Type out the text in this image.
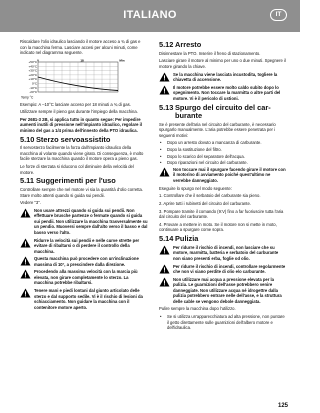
ITALIANO	IT
Riscaldare l'olio idraulico lasciando il motore acceso a ¾ di gas e con la macchina ferma. Lasciare accesi per alcuni minuti, come indicato nel diagramma seguente.
+50°C
+40°C
+30°C
+20°C
+10°C
0°C
-10°C
-20°C
0	18	Min
Temp °C
Esempio: A –10°C lasciare acceso per 18 minuti a ¾ di gas.
Utilizzare sempre il pieno gas durante l'impiego della macchina.
Per 2681-3 2B, si applica tutto in quanto segue: Per impedire aumenti inutili di pressione nell'impianto idraulico, regolare il minimo del gas a 1/4 prima dell'innesto della PTO idraulica.
5.10 Sterzo servoassistito
Il servosterzo facilmente la forza dall'impianto idraulico della macchina al volante quando viene girato. Di conseguenza, è molto facile sterzare la macchina quando il motore opera a pieno gas.
Le forze di sterzata si riducono col diminuire della velocità del motore.
5.11 Suggerimenti per l'uso
Controllare sempre che nel motore vi sia la quantità d'olio corretta. Stare molto attenti quando si guida sui pendii.
Vedere "3".
Non usare attrezzi quando si guida sui pendii. Non effettuare brusche partenze o fermate quando si guida sui pendii. Non utilizzare la macchina trasversalmente su un pendio. Muoversi sempre dall'alto verso il basso e dal basso verso l'alto.
Ridurre la velocità sui pendii e nelle curve strette per evitare di ribaltarsi o di perdere il controllo della macchina.
Questa macchina può procedere con un'inclinazione massima di 10°, a prescindere dalla direzione.
Procedendo alla massima velocità con la marcia più elevata, non girare completamente lo sterzo. La macchina potrebbe ribaltarsi.
Tenere mani e piedi lontani dal giunto articolato delle sterzo e dal supporto sedile. Vi è il rischio di lesioni da schiacciamento. Non guidare la macchina con il contenitore motore aperto.
5.12 Arresto
Disinnestare la PTO. Inserire il freno di stazionamento.
Lasciare girare il motore al minimo per uno o due minuti. Spegnere il motore girando la chiave.
Se la macchina viene lasciata incustodita, togliere la chiavetta di accensione.
Il motore potrebbe essere molto caldo subito dopo lo spegnimento. Non toccare la marmitta o altre parti del motore. Vi è il pericolo di ustioni.
5.13 Spurgo del circuito del car-
burante
Se è presente dell'aria nel circuito del carburante, è necessario spurgarlo manualmente. L'aria potrebbe essere penetrata per i seguenti motivi:
•	Dopo un arresto dovuto a mancanza di carburante.
•	Dopo la sostituzione del filtro.
•	Dopo lo scarico del separatore dell'acqua.
•	Dopo riparazioni nel circuito del carburante.
Non toccare mai il spurgare facendo girare il motore con il motorino di avviamento poiché quest'ultimo ne verrebbe danneggiato.
Eseguire lo spurgo nel modo seguente:
1. Controllare che il serbatoio del carburante sia pieno.
2. Aprire tutti i rubinetti del circuito del carburante.
3. Pompare tramite il comando (9:V) fino a far fuoriuscire tutta l'aria dal circuito del carburante.
4. Provare a mettere in moto. Se il motore non si mette in moto, continuare a spurgare come sopra.
5.14 Pulizia
Per ridurre il rischio di incendi, non lasciare che su motore, marmitta, batteria e serbatoio del carburante non siano presenti erba, foglie od olio.
Per ridurre il rischio di incendi, controllare regolarmente che non vi siano perdite di olio e/o carburante.
Non utilizzare mai acqua a pressione elevata per la pulizia. Le guarnizioni dell'asse potrebbero venire danneggiate. Non utilizzare acqua né idrogettre dalla pulizia potrebbero entrare nelle dell'asse, e la struttura delle cable se vengono debole danneggiata.
Pulire sempre la macchina dopo l'utilizzo.
•	Se si utilizza un'apparecchiatura ad alta pressione, non puntare il getto direttamente sulle guarnizioni dell'albero motore e dell'idraulica.
125
